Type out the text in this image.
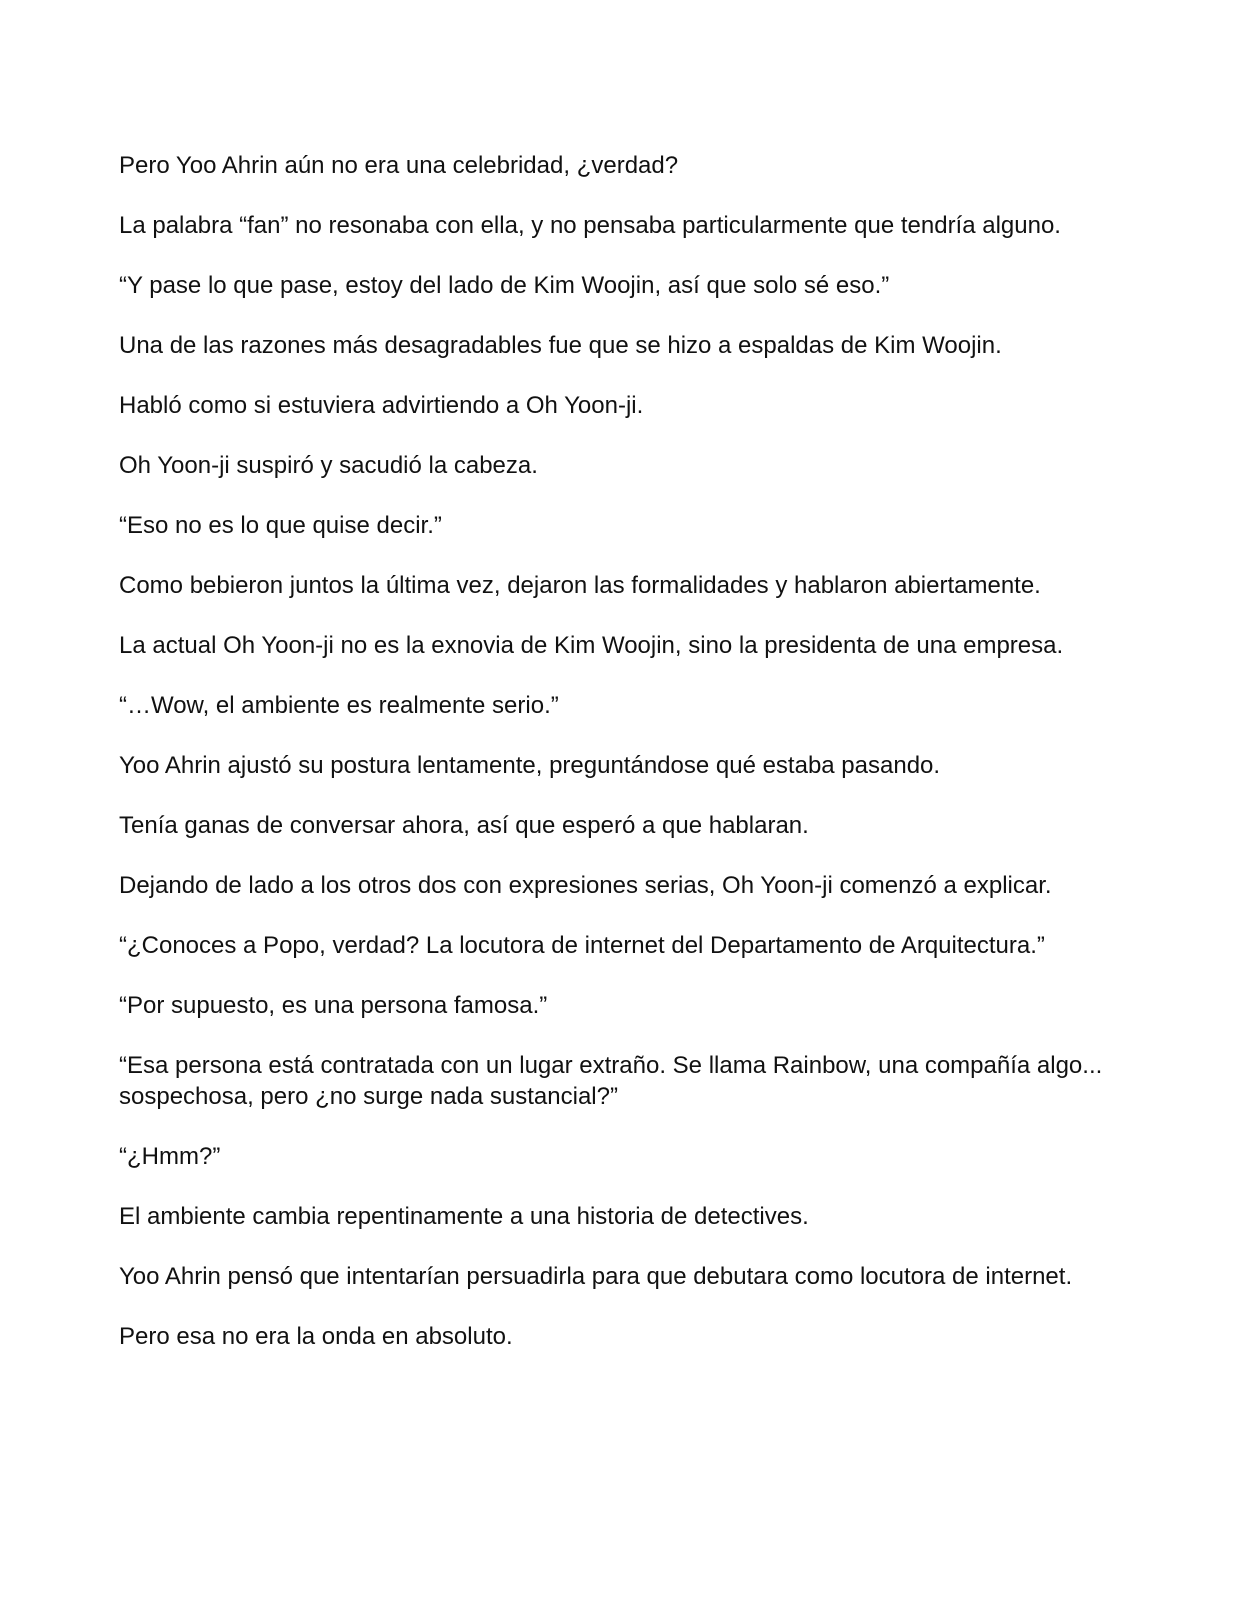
Pero Yoo Ahrin aún no era una celebridad, ¿verdad?

La palabra “fan” no resonaba con ella, y no pensaba particularmente que tendría alguno.

“Y pase lo que pase, estoy del lado de Kim Woojin, así que solo sé eso.”

Una de las razones más desagradables fue que se hizo a espaldas de Kim Woojin.

Habló como si estuviera advirtiendo a Oh Yoon-ji.

Oh Yoon-ji suspiró y sacudió la cabeza.

“Eso no es lo que quise decir.”

Como bebieron juntos la última vez, dejaron las formalidades y hablaron abiertamente.

La actual Oh Yoon-ji no es la exnovia de Kim Woojin, sino la presidenta de una empresa.

“…Wow, el ambiente es realmente serio.”

Yoo Ahrin ajustó su postura lentamente, preguntándose qué estaba pasando.

Tenía ganas de conversar ahora, así que esperó a que hablaran.

Dejando de lado a los otros dos con expresiones serias, Oh Yoon-ji comenzó a explicar.

“¿Conoces a Popo, verdad? La locutora de internet del Departamento de Arquitectura.”

“Por supuesto, es una persona famosa.”

“Esa persona está contratada con un lugar extraño. Se llama Rainbow, una compañía algo... sospechosa, pero ¿no surge nada sustancial?”

“¿Hmm?”

El ambiente cambia repentinamente a una historia de detectives.

Yoo Ahrin pensó que intentarían persuadirla para que debutara como locutora de internet.

Pero esa no era la onda en absoluto.
